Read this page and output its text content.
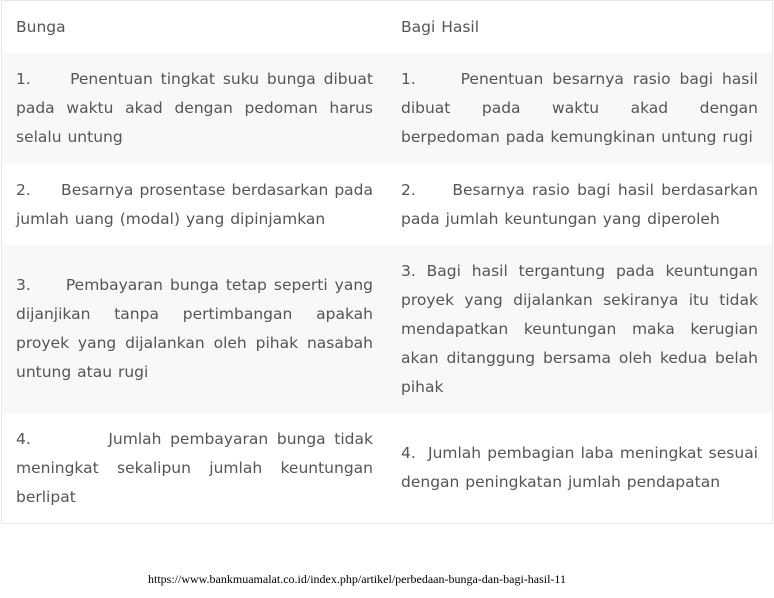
Bunga	Bagi Hasil
1.     Penentuan tingkat suku bunga dibuat pada waktu akad dengan pedoman harus selalu untung	1.     Penentuan besarnya rasio bagi hasil dibuat pada waktu akad dengan berpedoman pada kemungkinan untung rugi
2.     Besarnya prosentase berdasarkan pada jumlah uang (modal) yang dipinjamkan	2.     Besarnya rasio bagi hasil berdasarkan pada jumlah keuntungan yang diperoleh
3.     Pembayaran bunga tetap seperti yang dijanjikan tanpa pertimbangan apakah proyek yang dijalankan oleh pihak nasabah untung atau rugi	3. Bagi hasil tergantung pada keuntungan proyek yang dijalankan sekiranya itu tidak mendapatkan keuntungan maka kerugian akan ditanggung bersama oleh kedua belah pihak
4.         Jumlah pembayaran bunga tidak meningkat sekalipun jumlah keuntungan berlipat	4.  Jumlah pembagian laba meningkat sesuai dengan peningkatan jumlah pendapatan
https://www.bankmuamalat.co.id/index.php/artikel/perbedaan-bunga-dan-bagi-hasil-11
